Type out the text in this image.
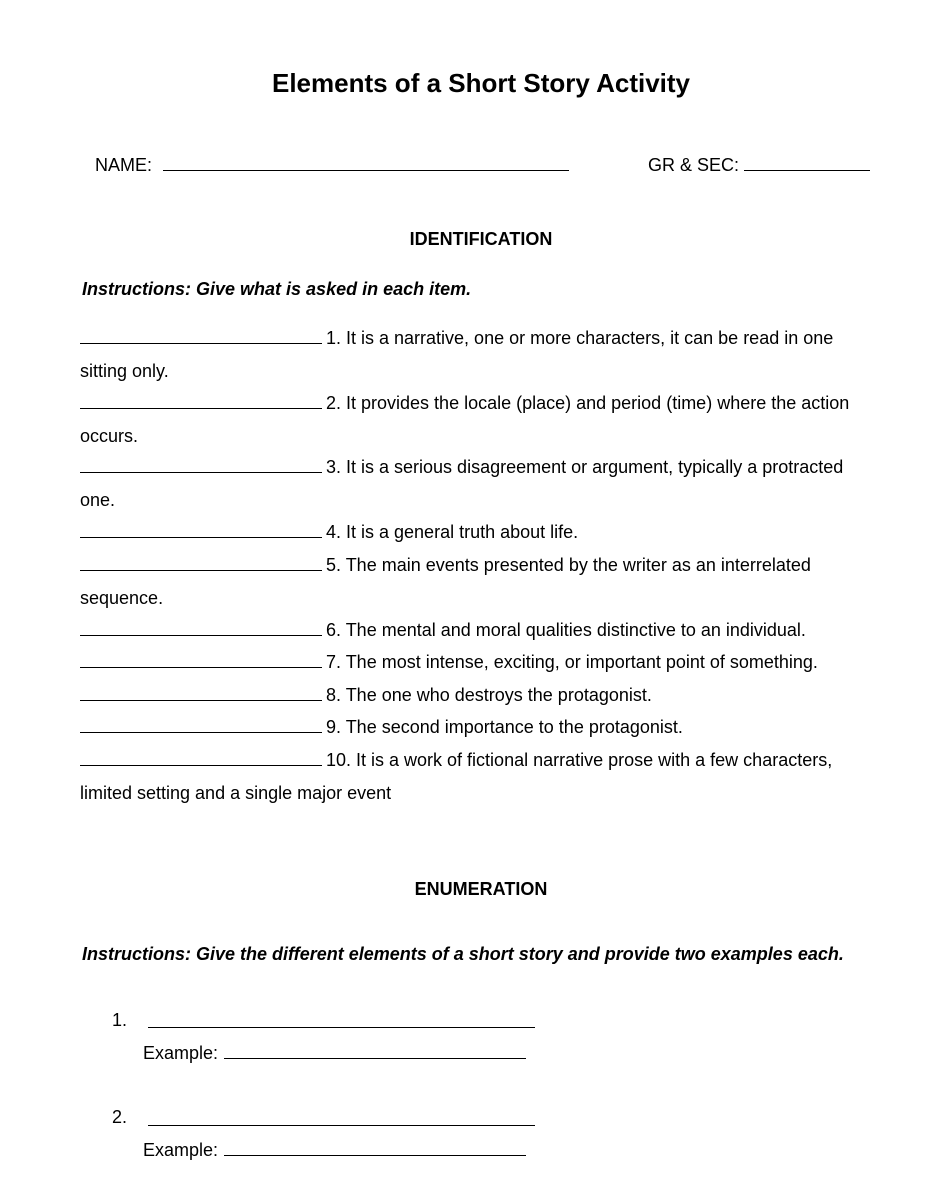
Elements of a Short Story Activity
NAME:	GR & SEC:
IDENTIFICATION
Instructions: Give what is asked in each item.
1. It is a narrative, one or more characters, it can be read in one sitting only.
2. It provides the locale (place) and period (time) where the action occurs.
3. It is a serious disagreement or argument, typically a protracted one.
4. It is a general truth about life.
5. The main events presented by the writer as an interrelated sequence.
6. The mental and moral qualities distinctive to an individual.
7. The most intense, exciting, or important point of something.
8. The one who destroys the protagonist.
9. The second importance to the protagonist.
10. It is a work of fictional narrative prose with a few characters, limited setting and a single major event
ENUMERATION
Instructions: Give the different elements of a short story and provide two examples each.
1.
Example:
2.
Example:
